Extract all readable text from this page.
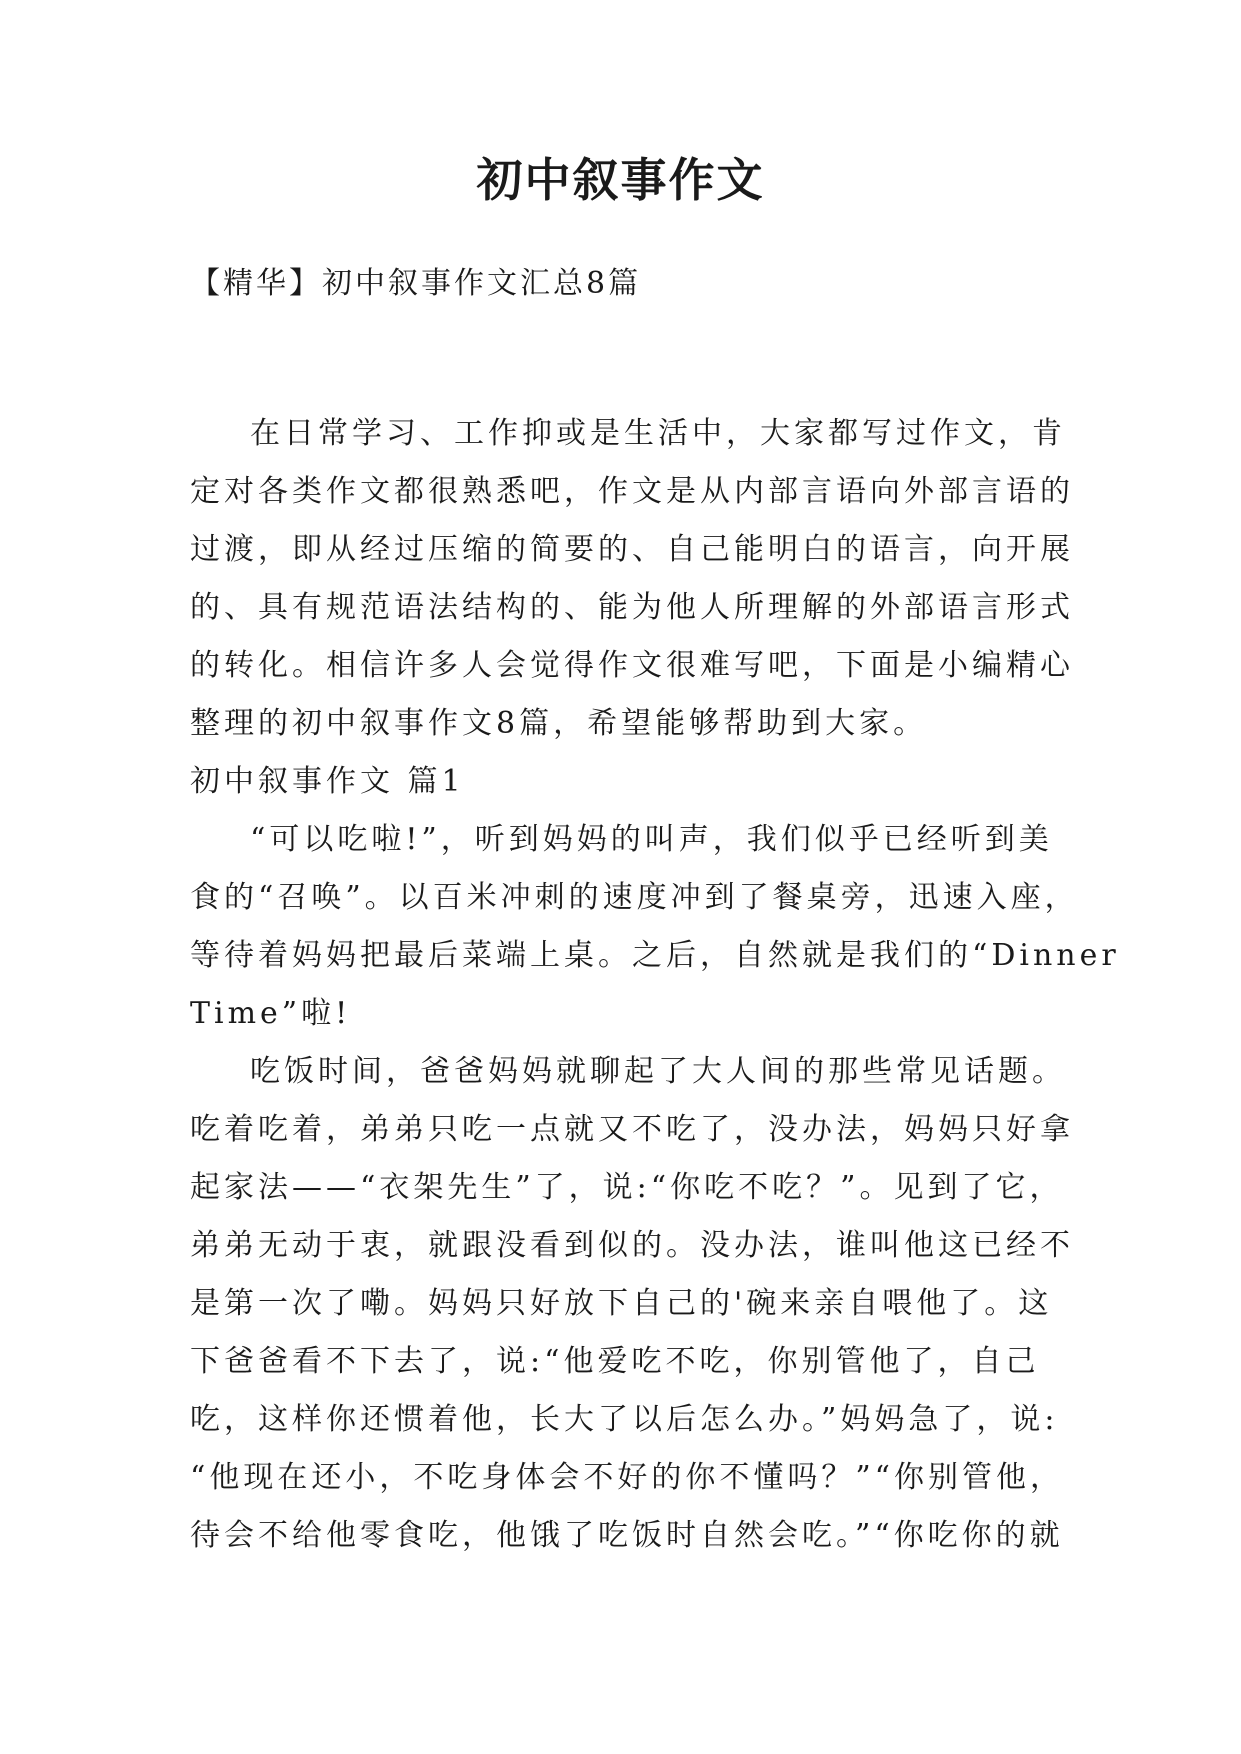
初中叙事作文
【精华】初中叙事作文汇总8篇
在日常学习、工作抑或是生活中，大家都写过作文，肯
定对各类作文都很熟悉吧，作文是从内部言语向外部言语的
过渡，即从经过压缩的简要的、自己能明白的语言，向开展
的、具有规范语法结构的、能为他人所理解的外部语言形式
的转化。相信许多人会觉得作文很难写吧，下面是小编精心
整理的初中叙事作文8篇，希望能够帮助到大家。
初中叙事作文 篇1
“可以吃啦!”，听到妈妈的叫声，我们似乎已经听到美
食的“召唤”。以百米冲刺的速度冲到了餐桌旁，迅速入座，
等待着妈妈把最后菜端上桌。之后，自然就是我们的“Dinner
Time”啦!
吃饭时间，爸爸妈妈就聊起了大人间的那些常见话题。
吃着吃着，弟弟只吃一点就又不吃了，没办法，妈妈只好拿
起家法——“衣架先生”了，说:“你吃不吃？”。见到了它，
弟弟无动于衷，就跟没看到似的。没办法，谁叫他这已经不
是第一次了嘞。妈妈只好放下自己的'碗来亲自喂他了。这
下爸爸看不下去了，说:“他爱吃不吃，你别管他了，自己
吃，这样你还惯着他，长大了以后怎么办。”妈妈急了，说:
“他现在还小，不吃身体会不好的你不懂吗？”“你别管他，
待会不给他零食吃，他饿了吃饭时自然会吃。”“你吃你的就
